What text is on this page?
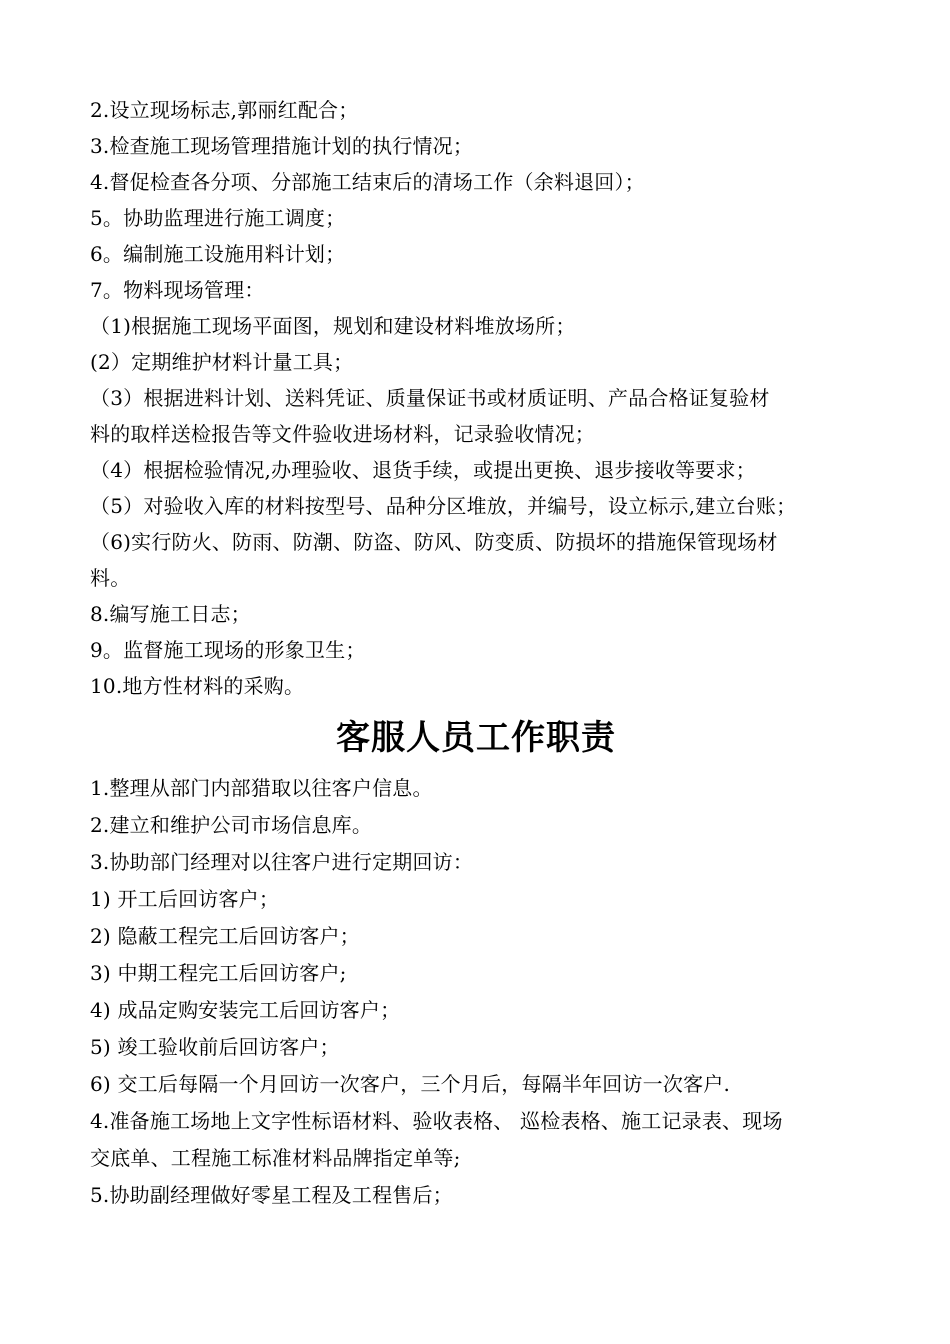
2.设立现场标志,郭丽红配合；
3.检查施工现场管理措施计划的执行情况；
4.督促检查各分项、分部施工结束后的清场工作（余料退回）；
5。协助监理进行施工调度；
6。编制施工设施用料计划；
7。物料现场管理：
（1)根据施工现场平面图，规划和建设材料堆放场所；
(2）定期维护材料计量工具；
（3）根据进料计划、送料凭证、质量保证书或材质证明、产品合格证复验材
料的取样送检报告等文件验收进场材料，记录验收情况；
（4）根据检验情况,办理验收、退货手续，或提出更换、退步接收等要求；
（5）对验收入库的材料按型号、品种分区堆放，并编号，设立标示,建立台账；
（6)实行防火、防雨、防潮、防盗、防风、防变质、防损坏的措施保管现场材
料。
8.编写施工日志；
9。监督施工现场的形象卫生；
10.地方性材料的采购。
客服人员工作职责
1.整理从部门内部猎取以往客户信息。
2.建立和维护公司市场信息库。
3.协助部门经理对以往客户进行定期回访：
1) 开工后回访客户；
2) 隐蔽工程完工后回访客户；
3) 中期工程完工后回访客户;
4) 成品定购安装完工后回访客户；
5) 竣工验收前后回访客户；
6) 交工后每隔一个月回访一次客户，三个月后，每隔半年回访一次客户.
4.准备施工场地上文字性标语材料、验收表格、 巡检表格、施工记录表、现场
交底单、工程施工标准材料品牌指定单等;
5.协助副经理做好零星工程及工程售后；
